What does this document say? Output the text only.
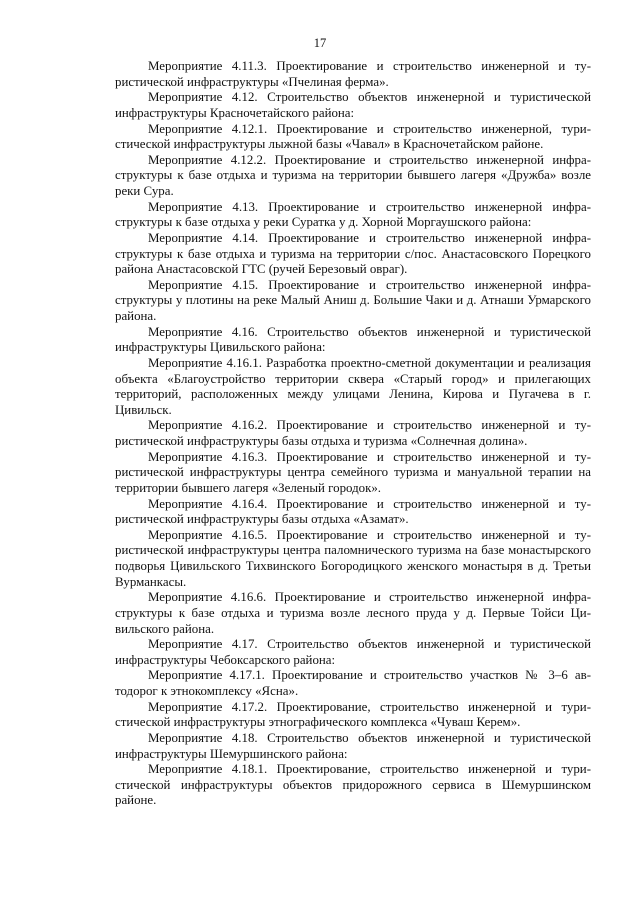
17

Мероприятие 4.11.3. Проектирование и строительство инженерной и туристической инфраструктуры «Пчелиная ферма».

Мероприятие 4.12. Строительство объектов инженерной и туристической инфраструктуры Красночетайского района:

Мероприятие 4.12.1. Проектирование и строительство инженерной, туристической инфраструктуры лыжной базы «Чавал» в Красночетайском районе.

Мероприятие 4.12.2. Проектирование и строительство инженерной инфраструктуры к базе отдыха и туризма на территории бывшего лагеря «Дружба» возле реки Сура.

Мероприятие 4.13. Проектирование и строительство инженерной инфраструктуры к базе отдыха у реки Суратка у д. Хорной Моргаушского района:

Мероприятие 4.14. Проектирование и строительство инженерной инфраструктуры к базе отдыха и туризма на территории с/пос. Анастасовского Порецкого района Анастасовской ГТС (ручей Березовый овраг).

Мероприятие 4.15. Проектирование и строительство инженерной инфраструктуры у плотины на реке Малый Аниш д. Большие Чаки и д. Атнаши Урмарского района.

Мероприятие 4.16. Строительство объектов инженерной и туристической инфраструктуры Цивильского района:

Мероприятие 4.16.1. Разработка проектно-сметной документации и реализация объекта «Благоустройство территории сквера «Старый город» и прилегающих территорий, расположенных между улицами Ленина, Кирова и Пугачева в г. Цивильск.

Мероприятие 4.16.2. Проектирование и строительство инженерной и туристической инфраструктуры базы отдыха и туризма «Солнечная долина».

Мероприятие 4.16.3. Проектирование и строительство инженерной и туристической инфраструктуры центра семейного туризма и мануальной терапии на территории бывшего лагеря «Зеленый городок».

Мероприятие 4.16.4. Проектирование и строительство инженерной и туристической инфраструктуры базы отдыха «Азамат».

Мероприятие 4.16.5. Проектирование и строительство инженерной и туристической инфраструктуры центра паломнического туризма на базе монастырского подворья Цивильского Тихвинского Богородицкого женского монастыря в д. Третьи Вурманкасы.

Мероприятие 4.16.6. Проектирование и строительство инженерной инфраструктуры к базе отдыха и туризма возле лесного пруда у д. Первые Тойси Цивильского района.

Мероприятие 4.17. Строительство объектов инженерной и туристической инфраструктуры Чебоксарского района:

Мероприятие 4.17.1. Проектирование и строительство участков № 3–6 автодорог к этнокомплексу «Ясна».

Мероприятие 4.17.2. Проектирование, строительство инженерной и туристической инфраструктуры этнографического комплекса «Чуваш Керем».

Мероприятие 4.18. Строительство объектов инженерной и туристической инфраструктуры Шемуршинского района:

Мероприятие 4.18.1. Проектирование, строительство инженерной и туристической инфраструктуры объектов придорожного сервиса в Шемуршинском районе.
